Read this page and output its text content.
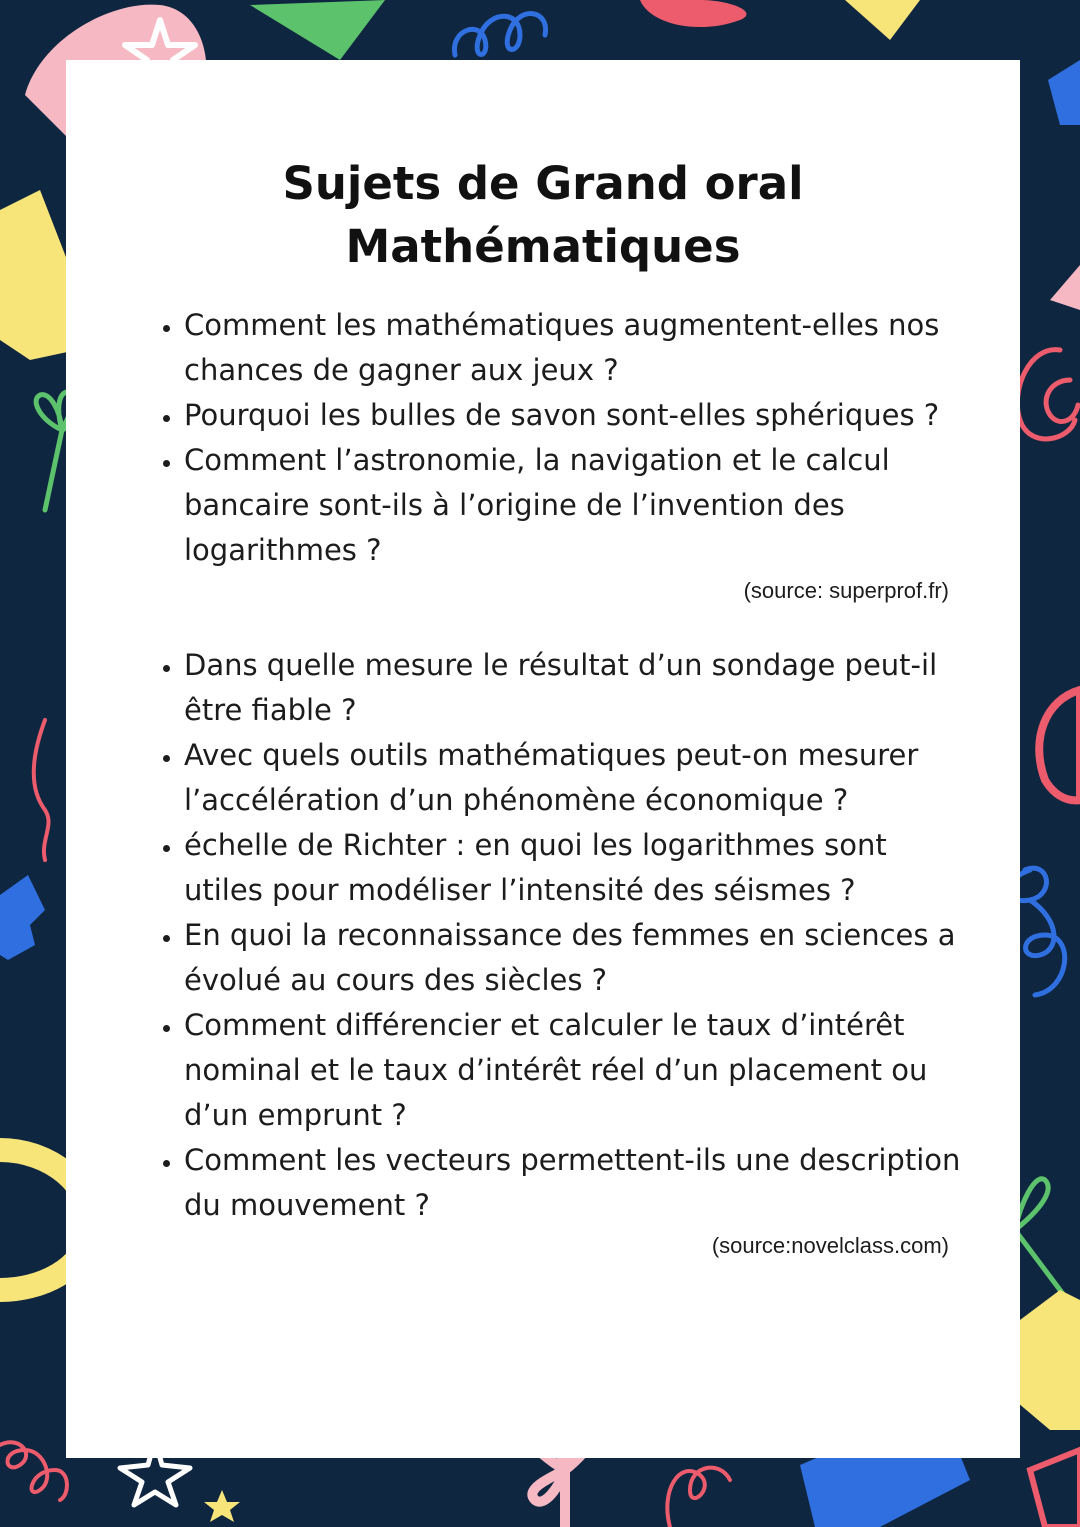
Sujets de Grand oral
Mathématiques
• Comment les mathématiques augmentent-elles nos chances de gagner aux jeux ?
• Pourquoi les bulles de savon sont-elles sphériques ?
• Comment l’astronomie, la navigation et le calcul bancaire sont-ils à l’origine de l’invention des logarithmes ?
(source: superprof.fr)
• Dans quelle mesure le résultat d’un sondage peut-il être fiable ?
• Avec quels outils mathématiques peut-on mesurer l’accélération d’un phénomène économique ?
• échelle de Richter : en quoi les logarithmes sont utiles pour modéliser l’intensité des séismes ?
• En quoi la reconnaissance des femmes en sciences a évolué au cours des siècles ?
• Comment différencier et calculer le taux d’intérêt nominal et le taux d’intérêt réel d’un placement ou d’un emprunt ?
• Comment les vecteurs permettent-ils une description du mouvement ?
(source:novelclass.com)
